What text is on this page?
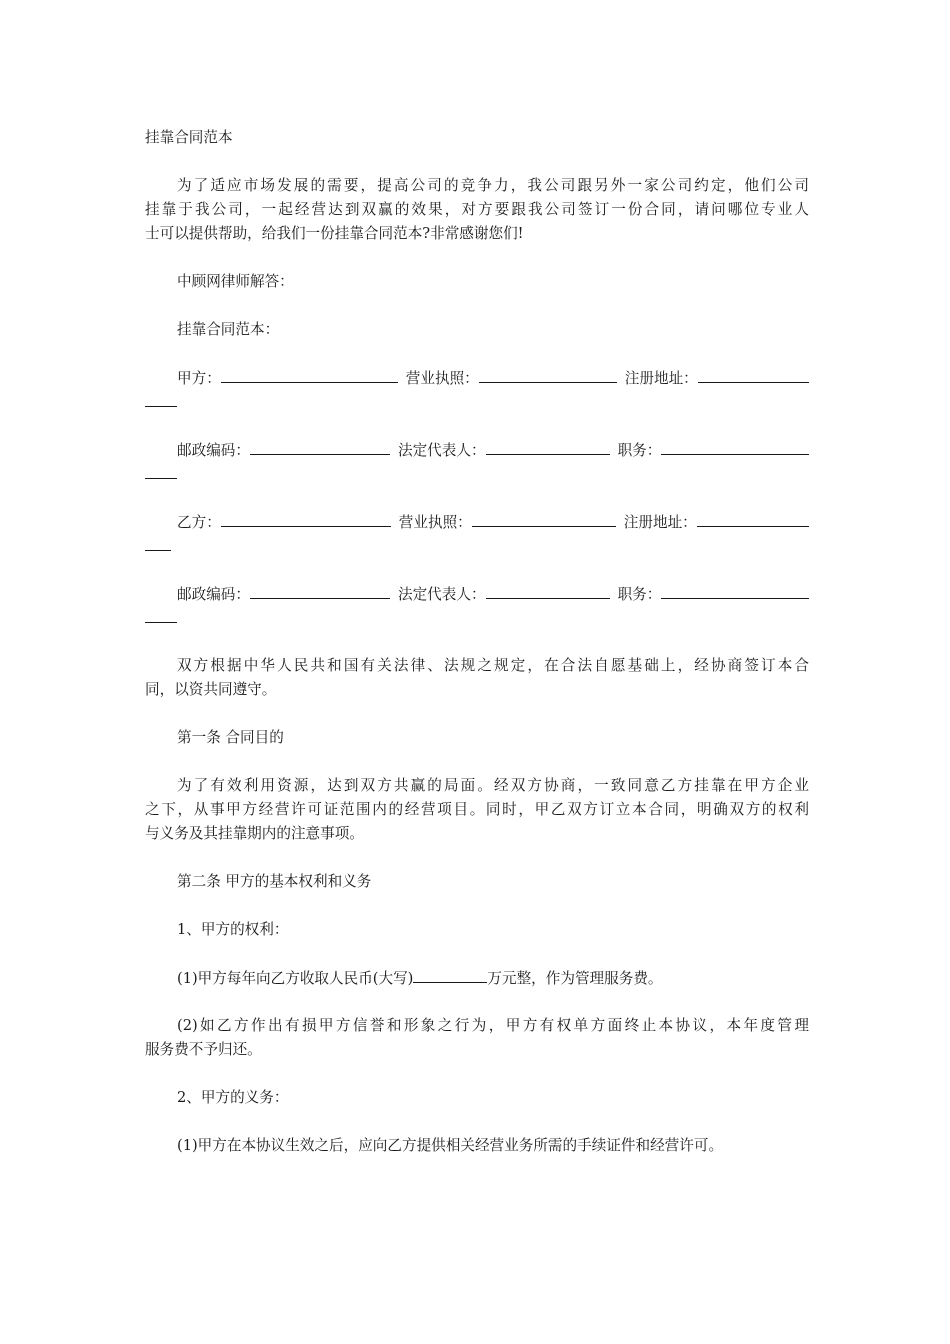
挂靠合同范本
为了适应市场发展的需要，提高公司的竞争力，我公司跟另外一家公司约定，他们公司
挂靠于我公司，一起经营达到双赢的效果，对方要跟我公司签订一份合同，请问哪位专业人
士可以提供帮助，给我们一份挂靠合同范本?非常感谢您们!
中顾网律师解答：
挂靠合同范本：
甲方：	营业执照：	注册地址：
邮政编码：	法定代表人：	职务：
乙方：	营业执照：	注册地址：
邮政编码：	法定代表人：	职务：
双方根据中华人民共和国有关法律、法规之规定，在合法自愿基础上，经协商签订本合
同，以资共同遵守。
第一条 合同目的
为了有效利用资源，达到双方共赢的局面。经双方协商，一致同意乙方挂靠在甲方企业
之下，从事甲方经营许可证范围内的经营项目。同时，甲乙双方订立本合同，明确双方的权利
与义务及其挂靠期内的注意事项。
第二条 甲方的基本权利和义务
1、甲方的权利：
(1)甲方每年向乙方收取人民币(大写)	万元整，作为管理服务费。
(2)如乙方作出有损甲方信誉和形象之行为，甲方有权单方面终止本协议，本年度管理
服务费不予归还。
2、甲方的义务：
(1)甲方在本协议生效之后，应向乙方提供相关经营业务所需的手续证件和经营许可。
